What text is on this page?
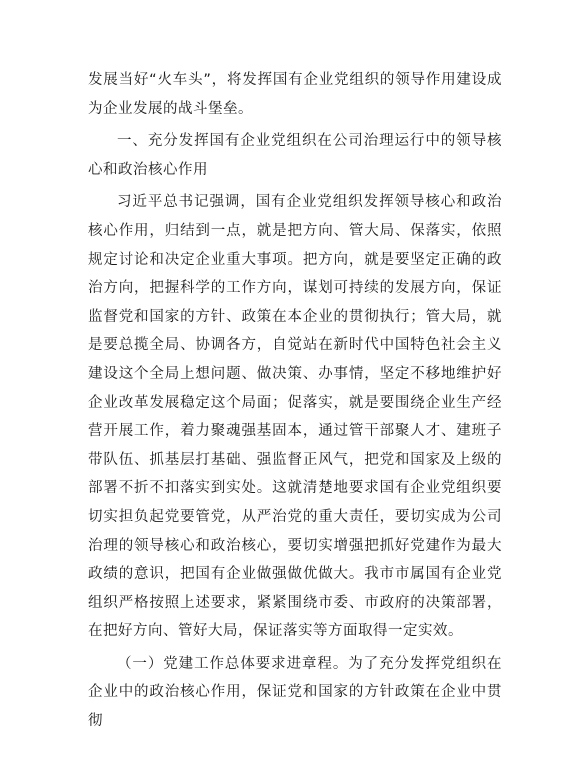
发展当好“火车头”，将发挥国有企业党组织的领导作用建设成为企业发展的战斗堡垒。

一、充分发挥国有企业党组织在公司治理运行中的领导核心和政治核心作用

习近平总书记强调，国有企业党组织发挥领导核心和政治核心作用，归结到一点，就是把方向、管大局、保落实，依照规定讨论和决定企业重大事项。把方向，就是要坚定正确的政治方向，把握科学的工作方向，谋划可持续的发展方向，保证监督党和国家的方针、政策在本企业的贯彻执行；管大局，就是要总揽全局、协调各方，自觉站在新时代中国特色社会主义建设这个全局上想问题、做决策、办事情，坚定不移地维护好企业改革发展稳定这个局面；促落实，就是要围绕企业生产经营开展工作，着力聚魂强基固本，通过管干部聚人才、建班子带队伍、抓基层打基础、强监督正风气，把党和国家及上级的部署不折不扣落实到实处。这就清楚地要求国有企业党组织要切实担负起党要管党，从严治党的重大责任，要切实成为公司治理的领导核心和政治核心，要切实增强把抓好党建作为最大政绩的意识，把国有企业做强做优做大。我市市属国有企业党组织严格按照上述要求，紧紧围绕市委、市政府的决策部署，在把好方向、管好大局，保证落实等方面取得一定实效。

（一）党建工作总体要求进章程。为了充分发挥党组织在企业中的政治核心作用，保证党和国家的方针政策在企业中贯彻
